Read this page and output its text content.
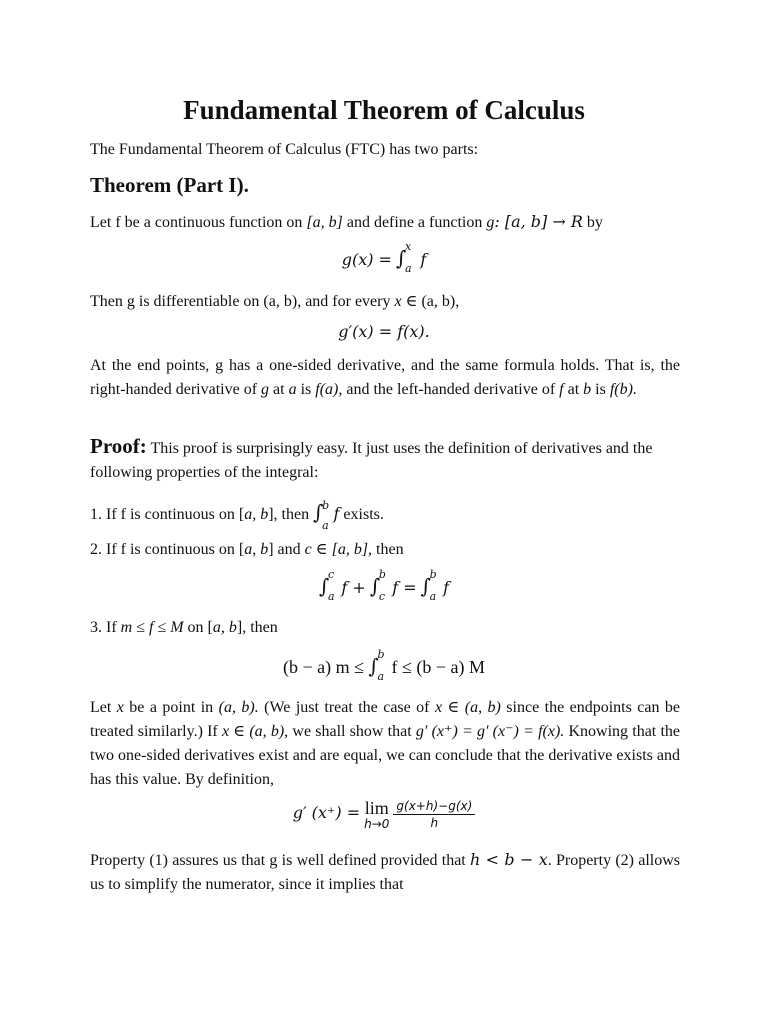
Fundamental Theorem of Calculus
The Fundamental Theorem of Calculus (FTC) has two parts:
Theorem (Part I).
Let f be a continuous function on [a, b] and define a function g: [a, b] → R by
g(x) = ∫
x
a f
Then g is differentiable on (a, b), and for every x ∈ (a, b),
g′(x) = f(x).
At the end points, g has a one-sided derivative, and the same formula holds. That is, the right-handed derivative of g at a is f(a), and the left-handed derivative of f at b is f(b).
Proof: This proof is surprisingly easy. It just uses the definition of derivatives and the following properties of the integral:
1. If f is continuous on [a, b], then ∫
b
a
f exists.
2. If f is continuous on [a, b] and c ∈ [a, b], then
∫
c
a f + ∫
b
c f = ∫
b
a f
3. If m ≤ f ≤ M on [a, b], then
(b − a) m ≤ ∫
b
a f ≤ (b − a) M
Let x be a point in (a, b). (We just treat the case of x ∈ (a, b) since the endpoints can be treated similarly.) If x ∈ (a, b), we shall show that g′ (x⁺) = g′ (x⁻) = f(x). Knowing that the two one-sided derivatives exist and are equal, we can conclude that the derivative exists and has this value. By definition,
g′ (x⁺) = lim
h→0
$\frac{g(x+h)-g(x)}{h}$
Property (1) assures us that g is well defined provided that h < b − x. Property (2) allows us to simplify the numerator, since it implies that
